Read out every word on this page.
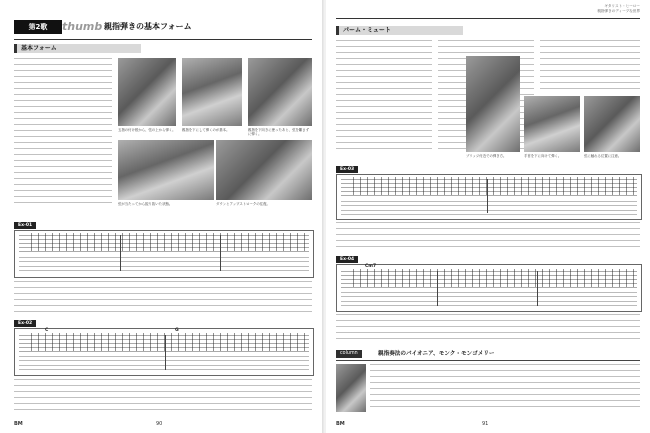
第2歌	thumb 親指弾きの基本フォーム
基本フォーム
五指の付け根から、弦の上から弾く。 親指を下にして弾くのが基本。	親指を下向きに使ったあと、弦を離さずに弾く。
弦が当たってから振り抜いた状態。	ダウンとアップストロークの往復。
Ex-01
Ex-02
C	G
BM	90
ギタリスト・ヒーロー
親指弾きのディープな世界
パーム・ミュート
ブリッジ付近での弾き方。	手首を下に向けて弾く。	弦に触れる位置に注意。
Ex-03
Ex-04
Cm7
column	親指奏法のパイオニア、モンク・モンゴメリー
BM	91
